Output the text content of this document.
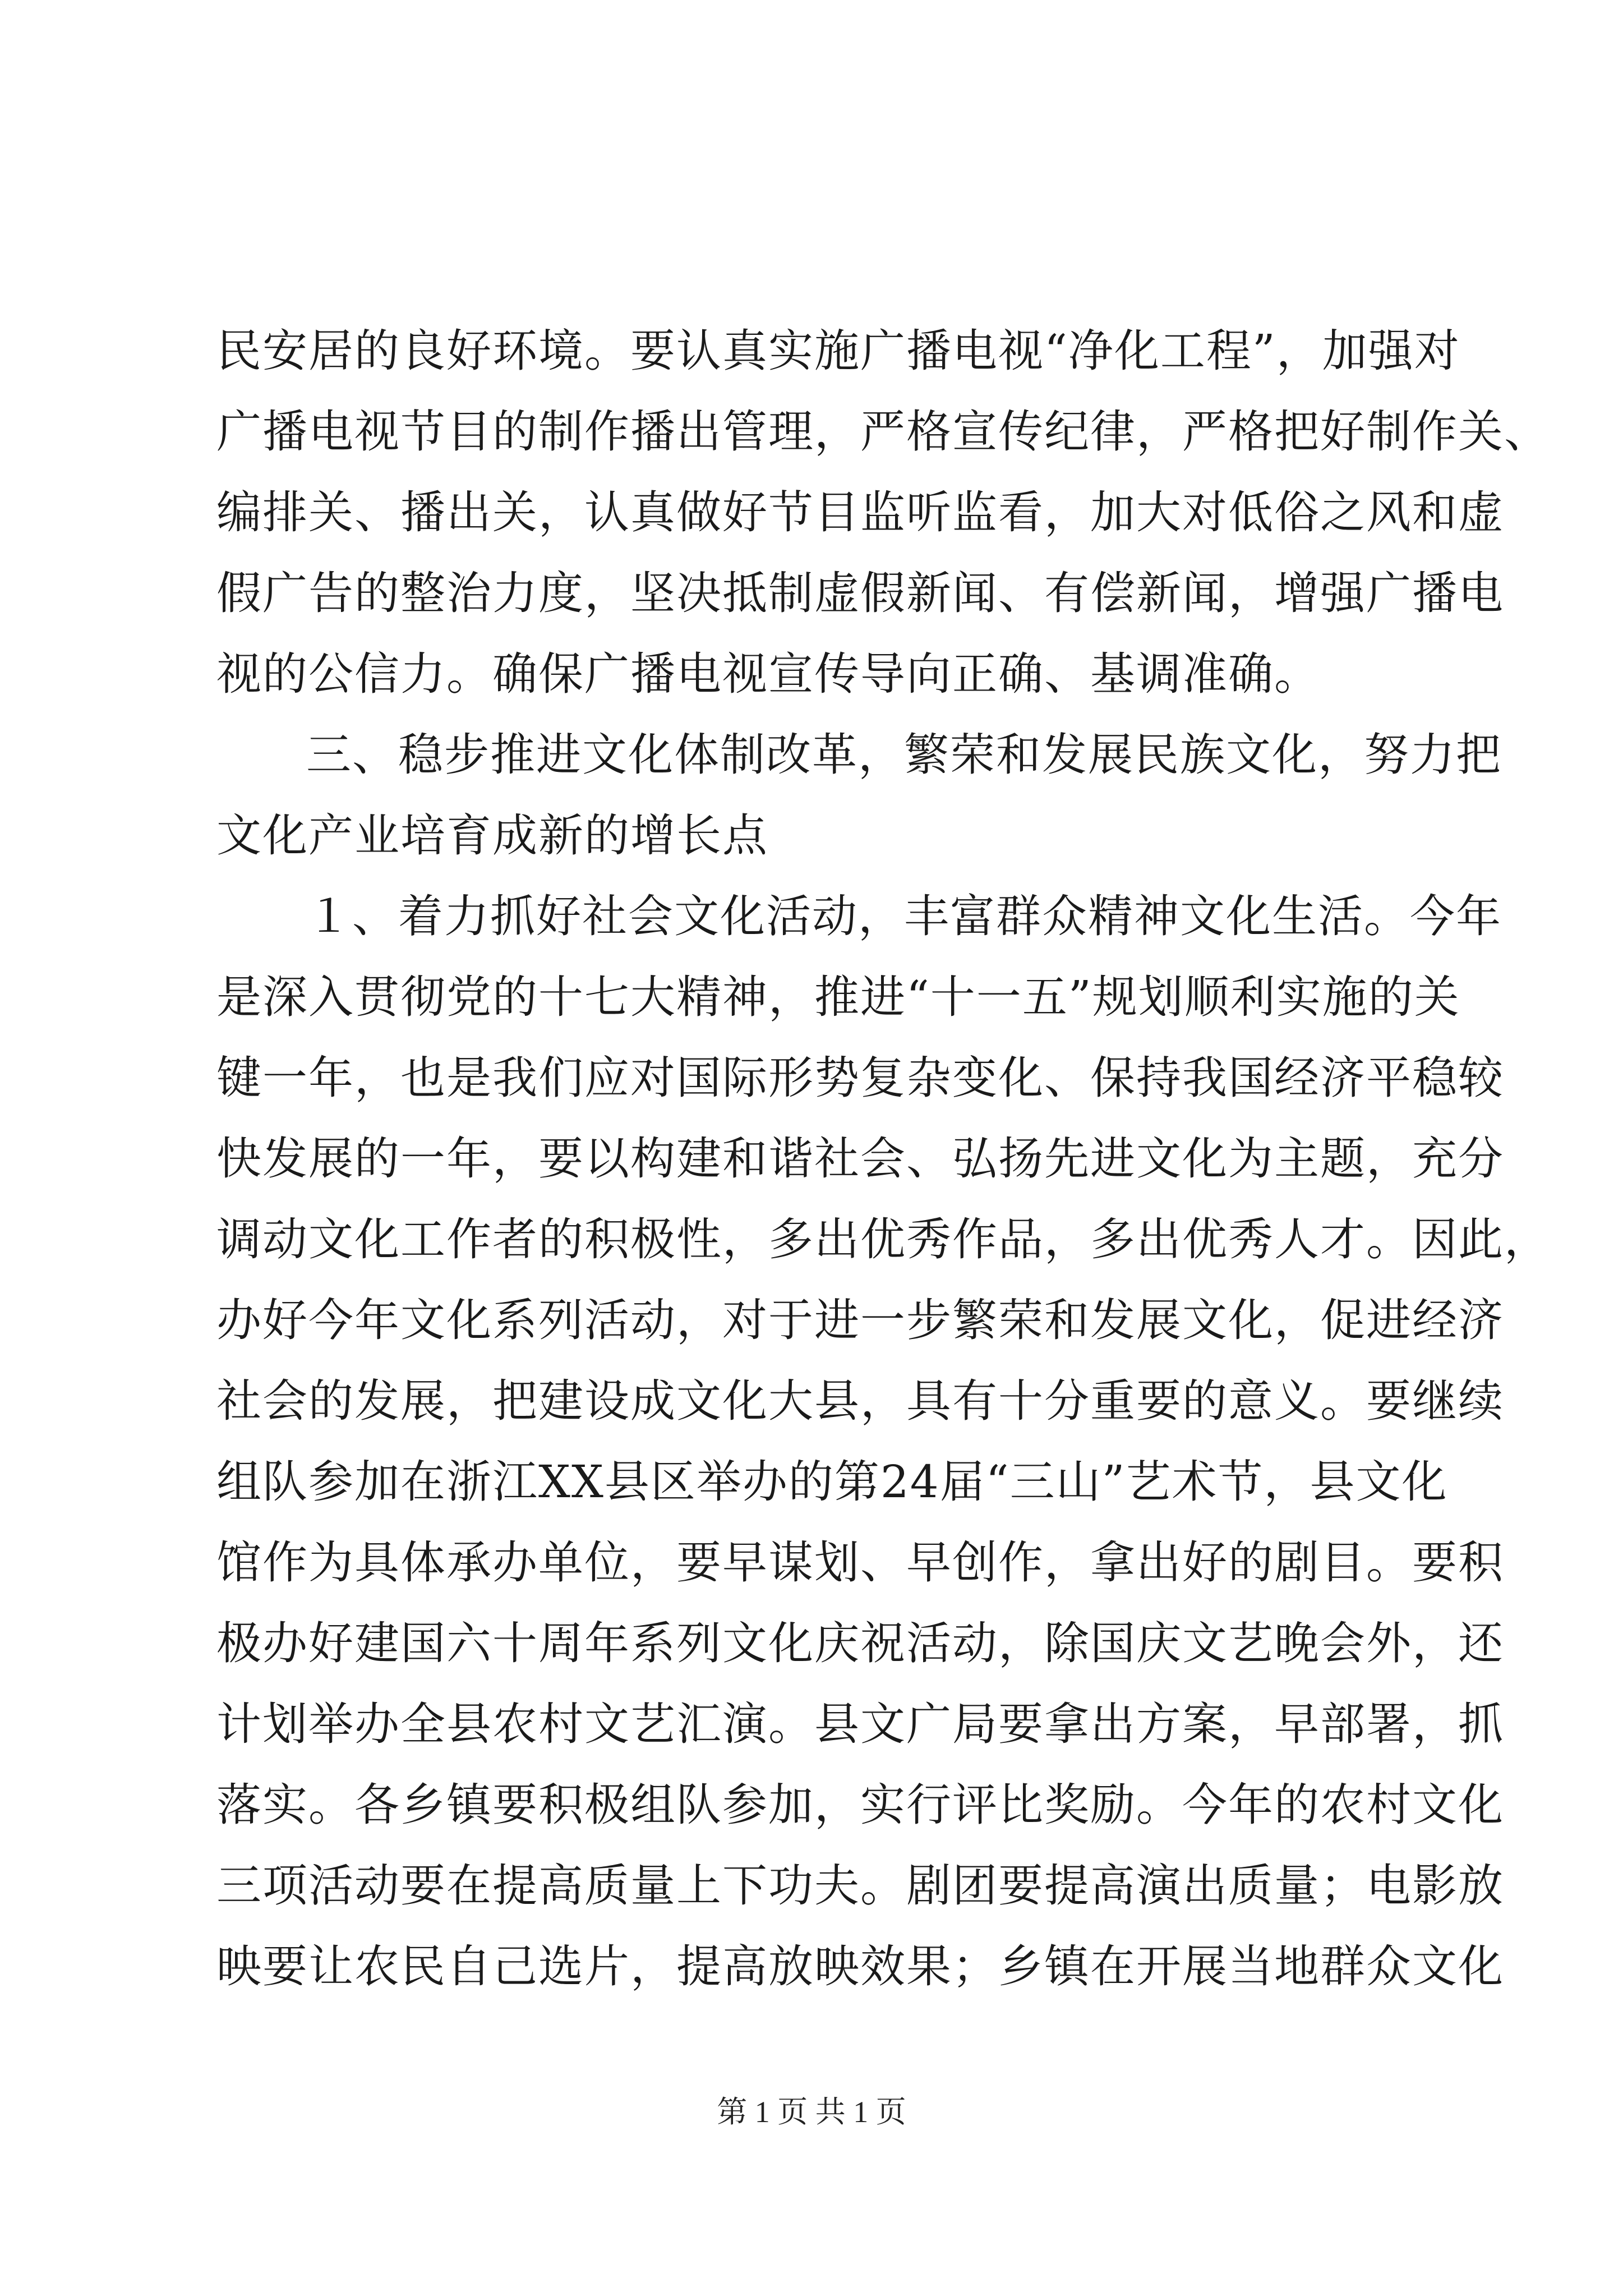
民安居的良好环境。要认真实施广播电视“净化工程”，加强对
广播电视节目的制作播出管理，严格宣传纪律，严格把好制作关、
编排关、播出关，认真做好节目监听监看，加大对低俗之风和虚
假广告的整治力度，坚决抵制虚假新闻、有偿新闻，增强广播电
视的公信力。确保广播电视宣传导向正确、基调准确。
三、稳步推进文化体制改革，繁荣和发展民族文化，努力把
文化产业培育成新的增长点
１、着力抓好社会文化活动，丰富群众精神文化生活。今年
是深入贯彻党的十七大精神，推进“十一五”规划顺利实施的关
键一年，也是我们应对国际形势复杂变化、保持我国经济平稳较
快发展的一年，要以构建和谐社会、弘扬先进文化为主题，充分
调动文化工作者的积极性，多出优秀作品，多出优秀人才。因此，
办好今年文化系列活动，对于进一步繁荣和发展文化，促进经济
社会的发展，把建设成文化大县，具有十分重要的意义。要继续
组队参加在浙江XX县区举办的第24届“三山”艺术节，县文化
馆作为具体承办单位，要早谋划、早创作，拿出好的剧目。要积
极办好建国六十周年系列文化庆祝活动，除国庆文艺晚会外，还
计划举办全县农村文艺汇演。县文广局要拿出方案，早部署，抓
落实。各乡镇要积极组队参加，实行评比奖励。今年的农村文化
三项活动要在提高质量上下功夫。剧团要提高演出质量；电影放
映要让农民自己选片，提高放映效果；乡镇在开展当地群众文化
第 1 页 共 1 页
